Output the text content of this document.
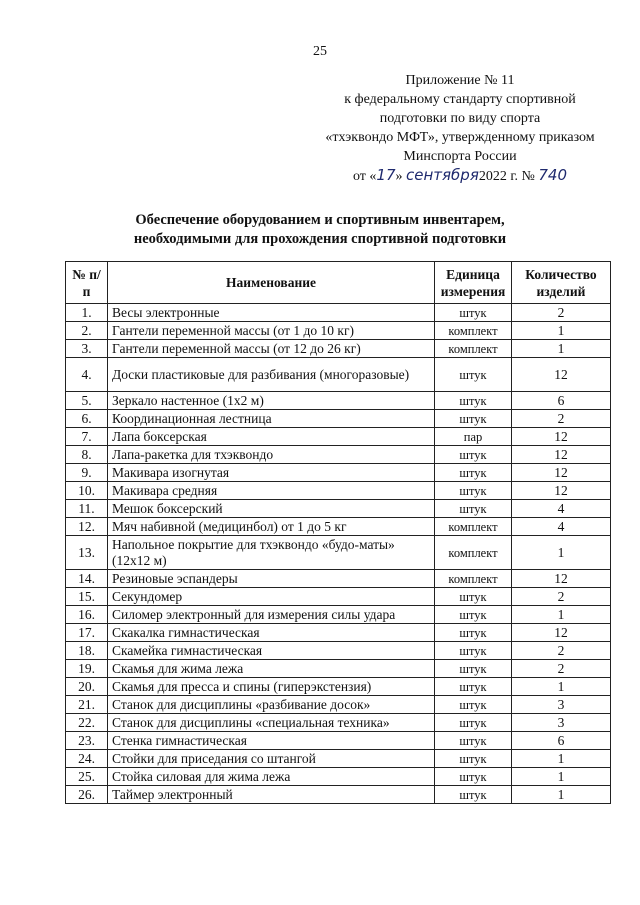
25
Приложение № 11
к федеральному стандарту спортивной
подготовки по виду спорта
«тхэквондо МФТ», утвержденному приказом
Минспорта России
от «17» сентября2022 г. № 740
Обеспечение оборудованием и спортивным инвентарем, необходимыми для прохождения спортивной подготовки
№ п/п	Наименование	Единица измерения	Количество изделий
1.	Весы электронные	штук	2
2.	Гантели переменной массы (от 1 до 10 кг)	комплект	1
3.	Гантели переменной массы (от 12 до 26 кг)	комплект	1
4.	Доски пластиковые для разбивания (многоразовые)	штук	12
5.	Зеркало настенное (1х2 м)	штук	6
6.	Координационная лестница	штук	2
7.	Лапа боксерская	пар	12
8.	Лапа-ракетка для тхэквондо	штук	12
9.	Макивара изогнутая	штук	12
10.	Макивара средняя	штук	12
11.	Мешок боксерский	штук	4
12.	Мяч набивной (медицинбол) от 1 до 5 кг	комплект	4
13.	Напольное покрытие для тхэквондо «будо-маты» (12х12 м)	комплект	1
14.	Резиновые эспандеры	комплект	12
15.	Секундомер	штук	2
16.	Силомер электронный для измерения силы удара	штук	1
17.	Скакалка гимнастическая	штук	12
18.	Скамейка гимнастическая	штук	2
19.	Скамья для жима лежа	штук	2
20.	Скамья для пресса и спины (гиперэкстензия)	штук	1
21.	Станок для дисциплины «разбивание досок»	штук	3
22.	Станок для дисциплины «специальная техника»	штук	3
23.	Стенка гимнастическая	штук	6
24.	Стойки для приседания со штангой	штук	1
25.	Стойка силовая для жима лежа	штук	1
26.	Таймер электронный	штук	1
